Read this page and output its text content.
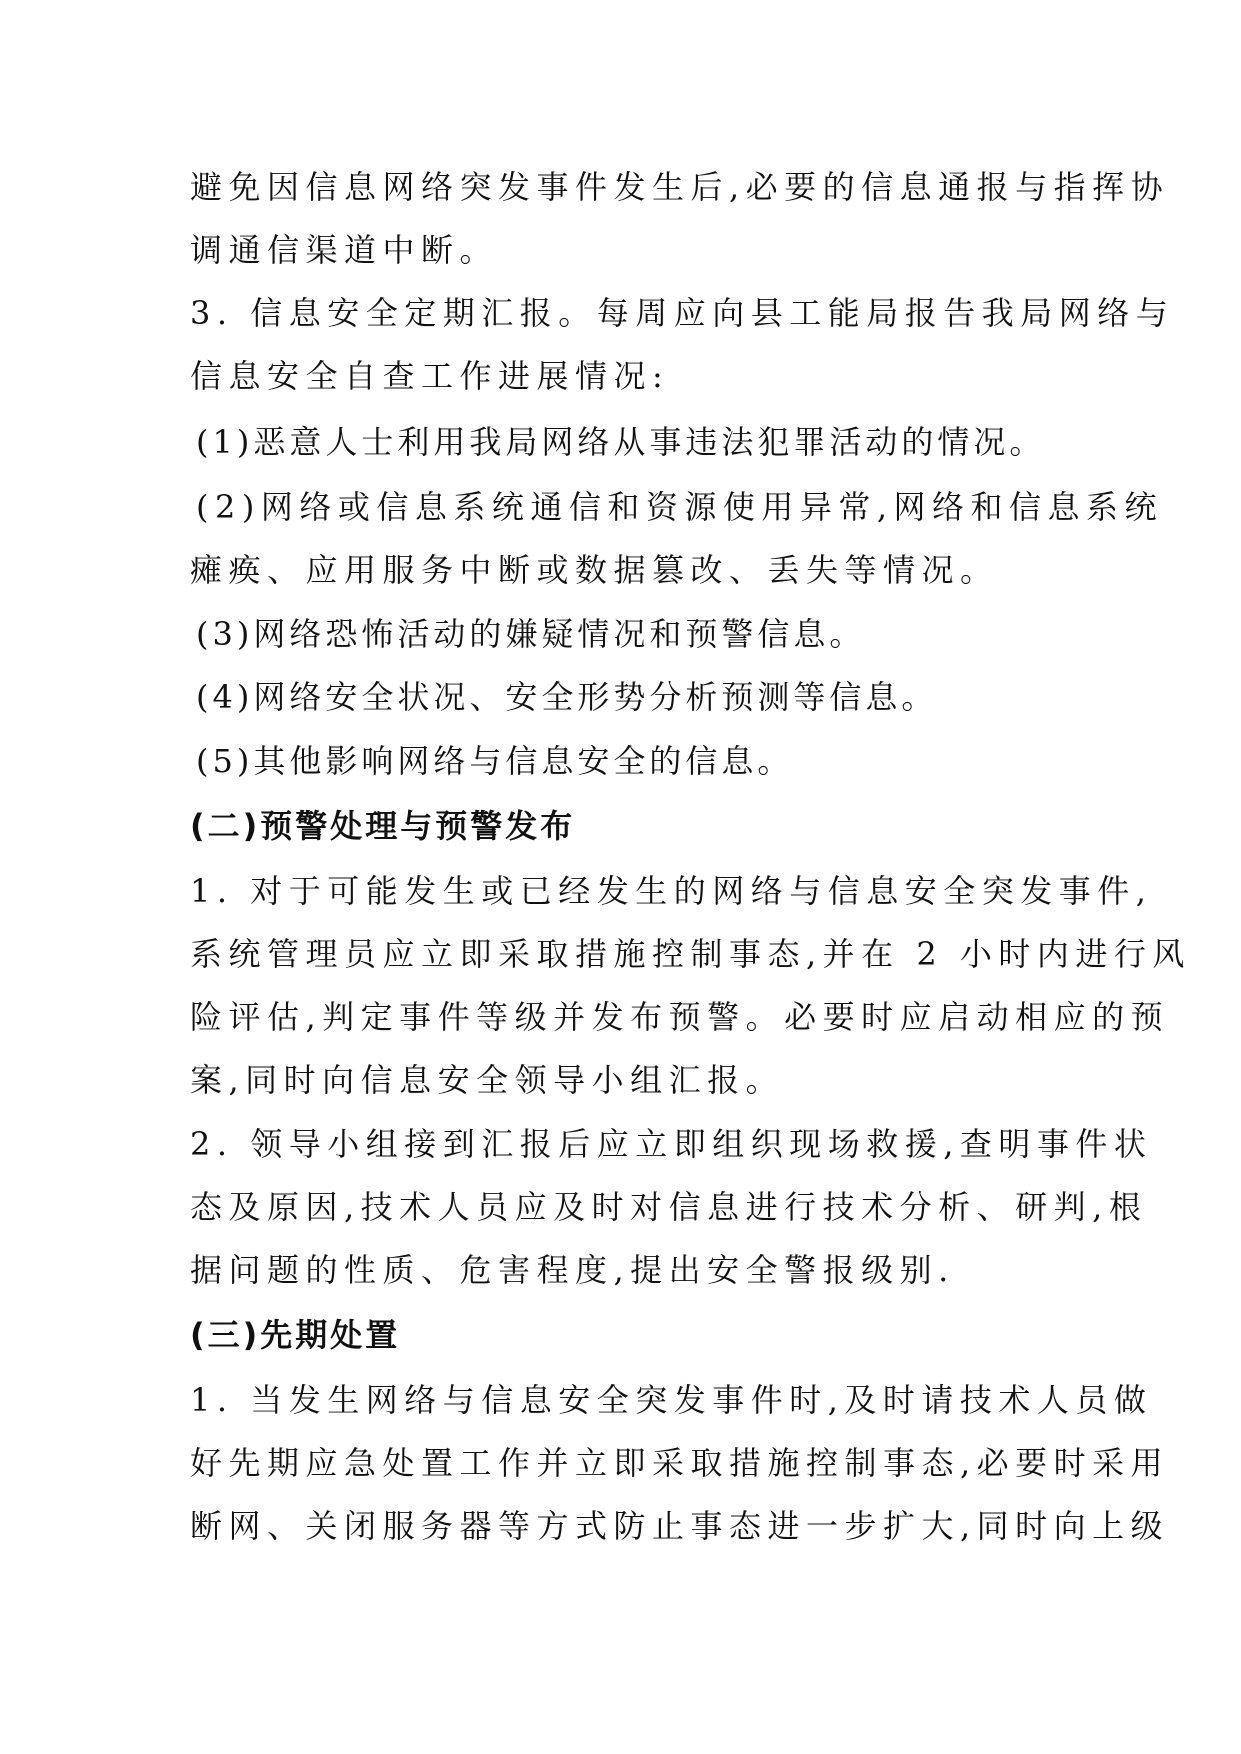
避免因信息网络突发事件发生后,必要的信息通报与指挥协
调通信渠道中断。
3. 信息安全定期汇报。每周应向县工能局报告我局网络与
信息安全自查工作进展情况:
(1)恶意人士利用我局网络从事违法犯罪活动的情况。
(2)网络或信息系统通信和资源使用异常,网络和信息系统
瘫痪、应用服务中断或数据篡改、丢失等情况。
(3)网络恐怖活动的嫌疑情况和预警信息。
(4)网络安全状况、安全形势分析预测等信息。
(5)其他影响网络与信息安全的信息。
(二)预警处理与预警发布
1. 对于可能发生或已经发生的网络与信息安全突发事件,
系统管理员应立即采取措施控制事态,并在 2 小时内进行风
险评估,判定事件等级并发布预警。必要时应启动相应的预
案,同时向信息安全领导小组汇报。
2. 领导小组接到汇报后应立即组织现场救援,查明事件状
态及原因,技术人员应及时对信息进行技术分析、研判,根
据问题的性质、危害程度,提出安全警报级别.
(三)先期处置
1. 当发生网络与信息安全突发事件时,及时请技术人员做
好先期应急处置工作并立即采取措施控制事态,必要时采用
断网、关闭服务器等方式防止事态进一步扩大,同时向上级
